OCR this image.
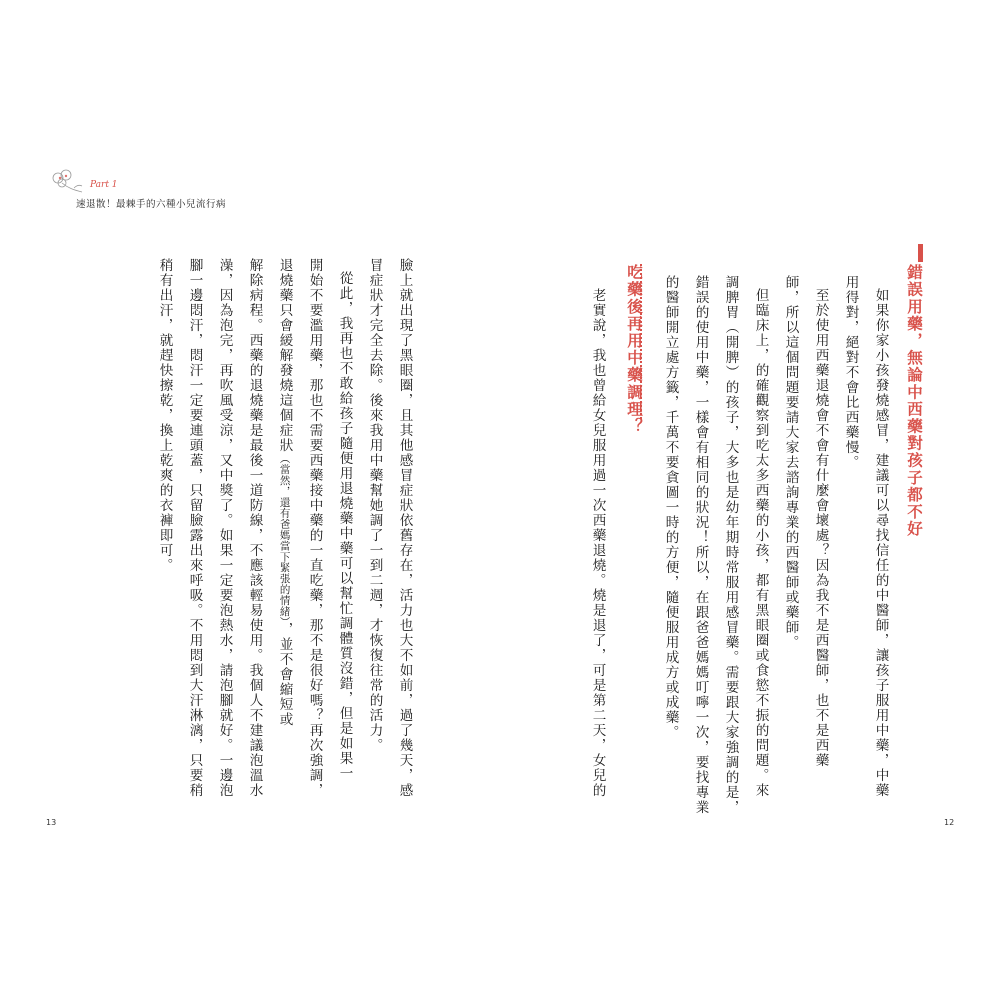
Part 1
速退散！最棘手的六種小兒流行病
錯誤用藥，無論中西藥對孩子都不好
如果你家小孩發燒感冒，建議可以尋找信任的中醫師，讓孩子服用中藥，中藥
用得對，絕對不會比西藥慢。
至於使用西藥退燒會不會有什麼會壞處？因為我不是西醫師，也不是西藥
師，所以這個問題要請大家去諮詢專業的西醫師或藥師。
但臨床上，的確觀察到吃太多西藥的小孩，都有黑眼圈或食慾不振的問題。來
調脾胃（開脾）的孩子，大多也是幼年期時常服用感冒藥。需要跟大家強調的是，
錯誤的使用中藥，一樣會有相同的狀況！所以，在跟爸爸媽媽叮嚀一次，要找專業
的醫師開立處方籤，千萬不要貪圖一時的方便，隨便服用成方或成藥。
吃藥後再用中藥調理？
老實說，我也曾給女兒服用過一次西藥退燒。燒是退了，可是第二天，女兒的
臉上就出現了黑眼圈，且其他感冒症狀依舊存在，活力也大不如前，過了幾天，感
冒症狀才完全去除。後來我用中藥幫她調了一到二週，才恢復往常的活力。
從此，我再也不敢給孩子隨便用退燒藥中藥可以幫忙調體質沒錯，但是如果一
開始不要濫用藥，那也不需要西藥接中藥的一直吃藥，那不是很好嗎？再次強調，
退燒藥只會緩解發燒這個症狀（當然，還有爸媽當下緊張的情緒），並不會縮短或
解除病程。西藥的退燒藥是最後一道防線，不應該輕易使用。我個人不建議泡溫水
澡，因為泡完，再吹風受涼，又中獎了。如果一定要泡熱水，請泡腳就好。一邊泡
腳一邊悶汗，悶汗一定要連頭蓋，只留臉露出來呼吸。不用悶到大汗淋漓，只要稍
稍有出汗，就趕快擦乾，換上乾爽的衣褲即可。
13	12
